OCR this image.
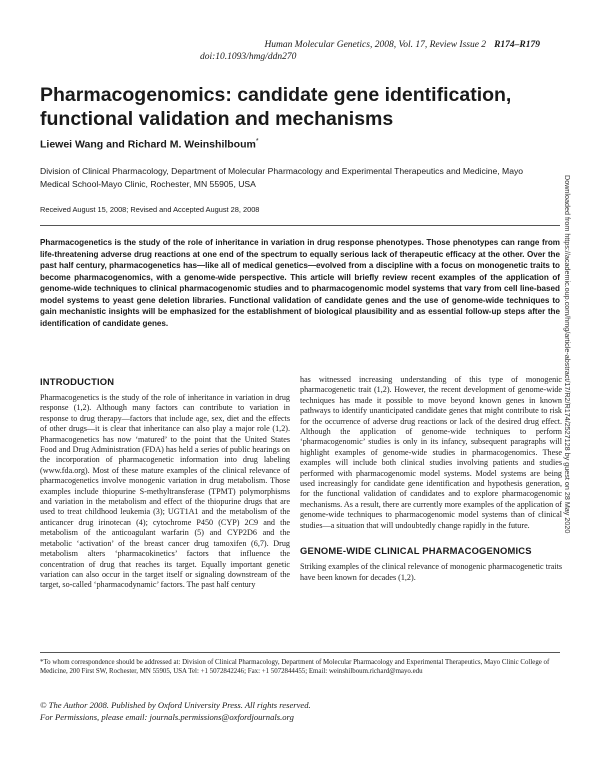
Human Molecular Genetics, 2008, Vol. 17, Review Issue 2 R174–R179
doi:10.1093/hmg/ddn270
Pharmacogenomics: candidate gene identification, functional validation and mechanisms
Liewei Wang and Richard M. Weinshilboum*
Division of Clinical Pharmacology, Department of Molecular Pharmacology and Experimental Therapeutics and Medicine, Mayo Medical School-Mayo Clinic, Rochester, MN 55905, USA
Received August 15, 2008; Revised and Accepted August 28, 2008

Pharmacogenetics is the study of the role of inheritance in variation in drug response phenotypes. Those phenotypes can range from life-threatening adverse drug reactions at one end of the spectrum to equally serious lack of therapeutic efficacy at the other. Over the past half century, pharmacogenetics has—like all of medical genetics—evolved from a discipline with a focus on monogenetic traits to become pharmacogenomics, with a genome-wide perspective. This article will briefly review recent examples of the application of genome-wide techniques to clinical pharmacogenomic studies and to pharmacogenomic model systems that vary from cell line-based model systems to yeast gene deletion libraries. Functional validation of candidate genes and the use of genome-wide techniques to gain mechanistic insights will be emphasized for the establishment of biological plausibility and as essential follow-up steps after the identification of candidate genes.

INTRODUCTION

Pharmacogenetics is the study of the role of inheritance in variation in drug response (1,2). Although many factors can contribute to variation in response to drug therapy—factors that include age, sex, diet and the effects of other drugs—it is clear that inheritance can also play a major role (1,2). Pharmacogenetics has now ‘matured’ to the point that the United States Food and Drug Administration (FDA) has held a series of public hearings on the incorporation of pharmacogenetic information into drug labeling (www.fda.org). Most of these mature examples of the clinical relevance of pharmacogenetics involve monogenic variation in drug metabolism. Those examples include thiopurine S-methyltransferase (TPMT) polymorphisms and variation in the metabolism and effect of the thiopurine drugs that are used to treat childhood leukemia (3); UGT1A1 and the metabolism of the anticancer drug irinotecan (4); cytochrome P450 (CYP) 2C9 and the metabolism of the anticoagulant warfarin (5) and CYP2D6 and the metabolic ‘activation’ of the breast cancer drug tamoxifen (6,7). Drug metabolism alters ‘pharmacokinetics’ factors that influence the concentration of drug that reaches its target. Equally important genetic variation can also occur in the target itself or signaling downstream of the target, so-called ‘pharmacodynamic’ factors. The past half century

has witnessed increasing understanding of this type of monogenic pharmacogenetic trait (1,2). However, the recent development of genome-wide techniques has made it possible to move beyond known genes in known pathways to identify unanticipated candidate genes that might contribute to risk for the occurrence of adverse drug reactions or lack of the desired drug effect. Although the application of genome-wide techniques to perform ‘pharmacogenomic’ studies is only in its infancy, subsequent paragraphs will highlight examples of genome-wide studies in pharmacogenomics. These examples will include both clinical studies involving patients and studies performed with pharmacogenomic model systems. Model systems are being used increasingly for candidate gene identification and hypothesis generation, for the functional validation of candidates and to explore pharmacogenomic mechanisms. As a result, there are currently more examples of the application of genome-wide techniques to pharmacogenomic model systems than of clinical studies—a situation that will undoubtedly change rapidly in the future.

GENOME-WIDE CLINICAL PHARMACOGENOMICS

Striking examples of the clinical relevance of monogenic pharmacogenetic traits have been known for decades (1,2).

*To whom correspondence should be addressed at: Division of Clinical Pharmacology, Department of Molecular Pharmacology and Experimental Therapeutics, Mayo Clinic College of Medicine, 200 First SW, Rochester, MN 55905, USA Tel: +1 5072842246; Fax: +1 5072844455; Email: weinshilboum.richard@mayo.edu
© The Author 2008. Published by Oxford University Press. All rights reserved.
For Permissions, please email: journals.permissions@oxfordjournals.org
Downloaded from https://academic.oup.com/hmg/article-abstract/17/R2/R174/2527128 by guest on 28 May 2020
